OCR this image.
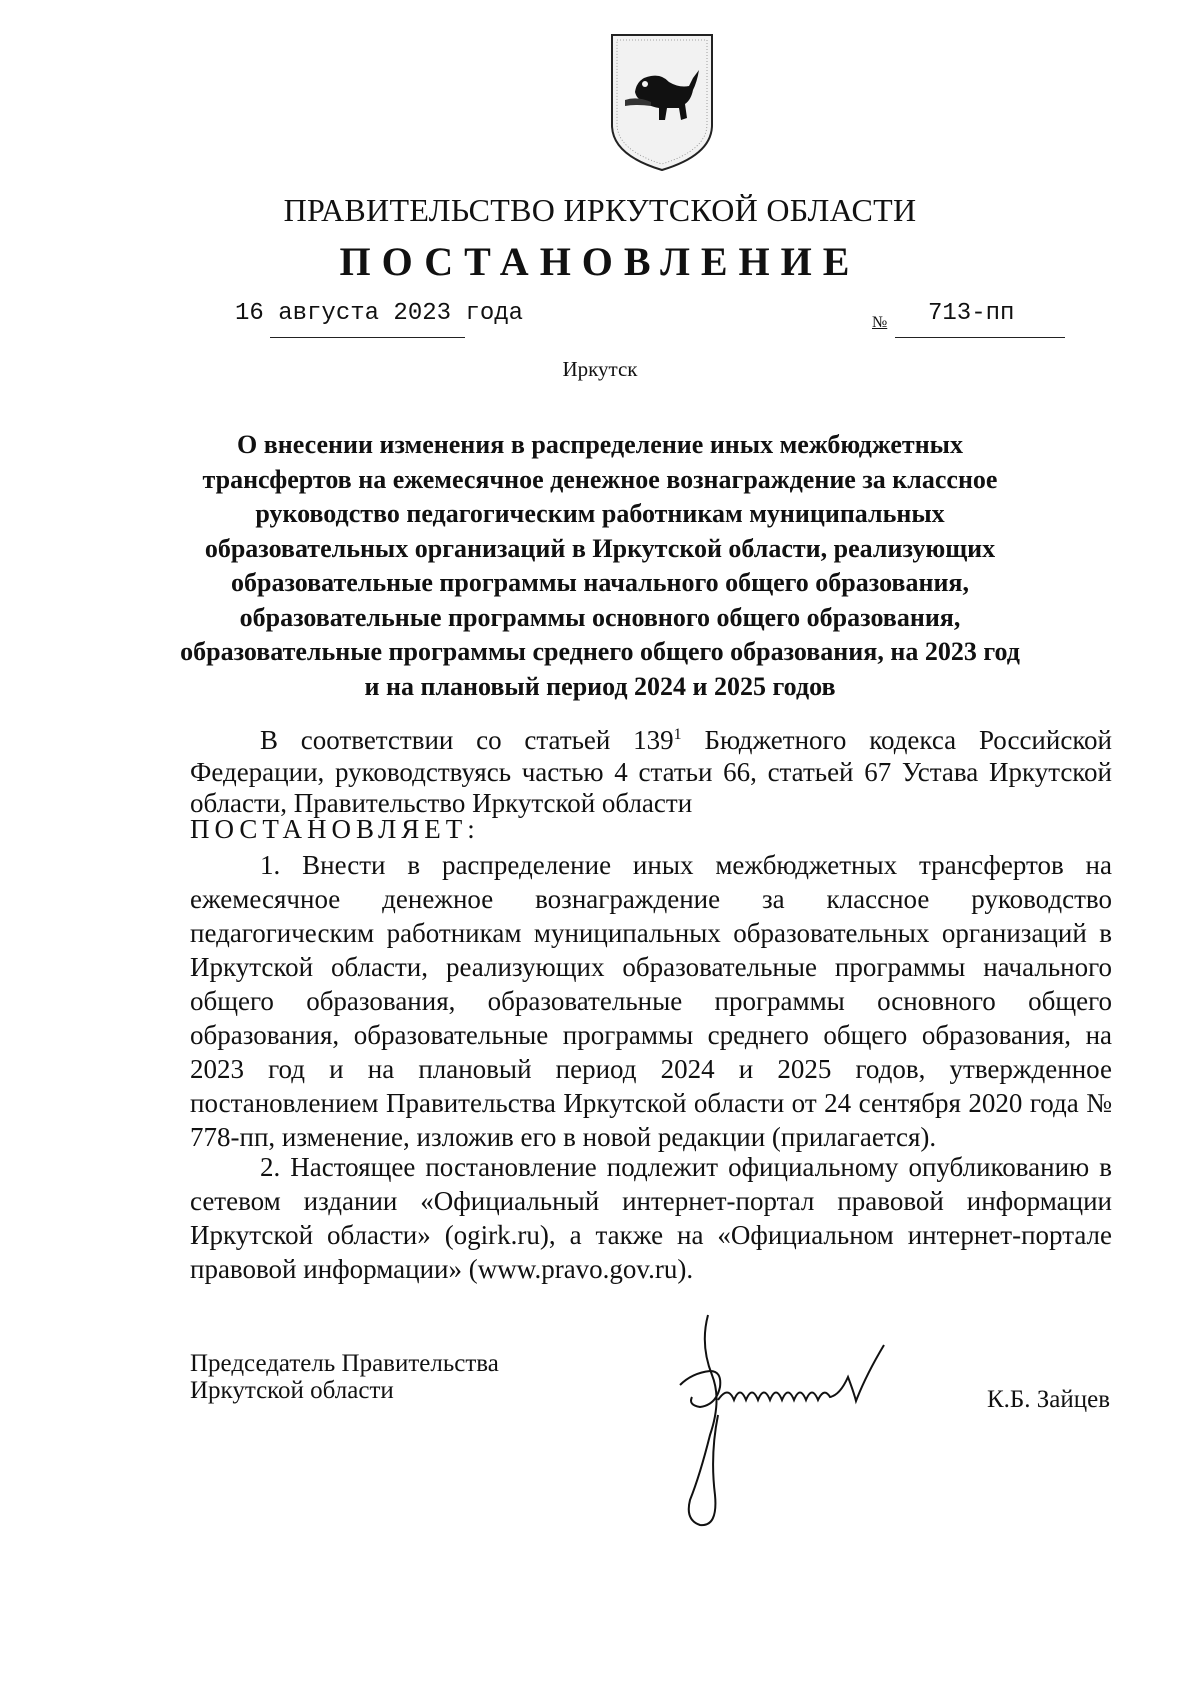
ПРАВИТЕЛЬСТВО ИРКУТСКОЙ ОБЛАСТИ
ПОСТАНОВЛЕНИЕ
16 августа 2023 года	№ 713-пп
Иркутск
О внесении изменения в распределение иных межбюджетных трансфертов на ежемесячное денежное вознаграждение за классное руководство педагогическим работникам муниципальных образовательных организаций в Иркутской области, реализующих образовательные программы начального общего образования, образовательные программы основного общего образования, образовательные программы среднего общего образования, на 2023 год и на плановый период 2024 и 2025 годов
В соответствии со статьей $139^1$ Бюджетного кодекса Российской Федерации, руководствуясь частью 4 статьи 66, статьей 67 Устава Иркутской области, Правительство Иркутской области
ПОСТАНОВЛЯЕТ:
1. Внести в распределение иных межбюджетных трансфертов на ежемесячное денежное вознаграждение за классное руководство педагогическим работникам муниципальных образовательных организаций в Иркутской области, реализующих образовательные программы начального общего образования, образовательные программы основного общего образования, образовательные программы среднего общего образования, на 2023 год и на плановый период 2024 и 2025 годов, утвержденное постановлением Правительства Иркутской области от 24 сентября 2020 года № 778-пп, изменение, изложив его в новой редакции (прилагается).
2. Настоящее постановление подлежит официальному опубликованию в сетевом издании «Официальный интернет-портал правовой информации Иркутской области» (ogirk.ru), а также на «Официальном интернет-портале правовой информации» (www.pravo.gov.ru).
Председатель Правительства
Иркутской области	К.Б. Зайцев
